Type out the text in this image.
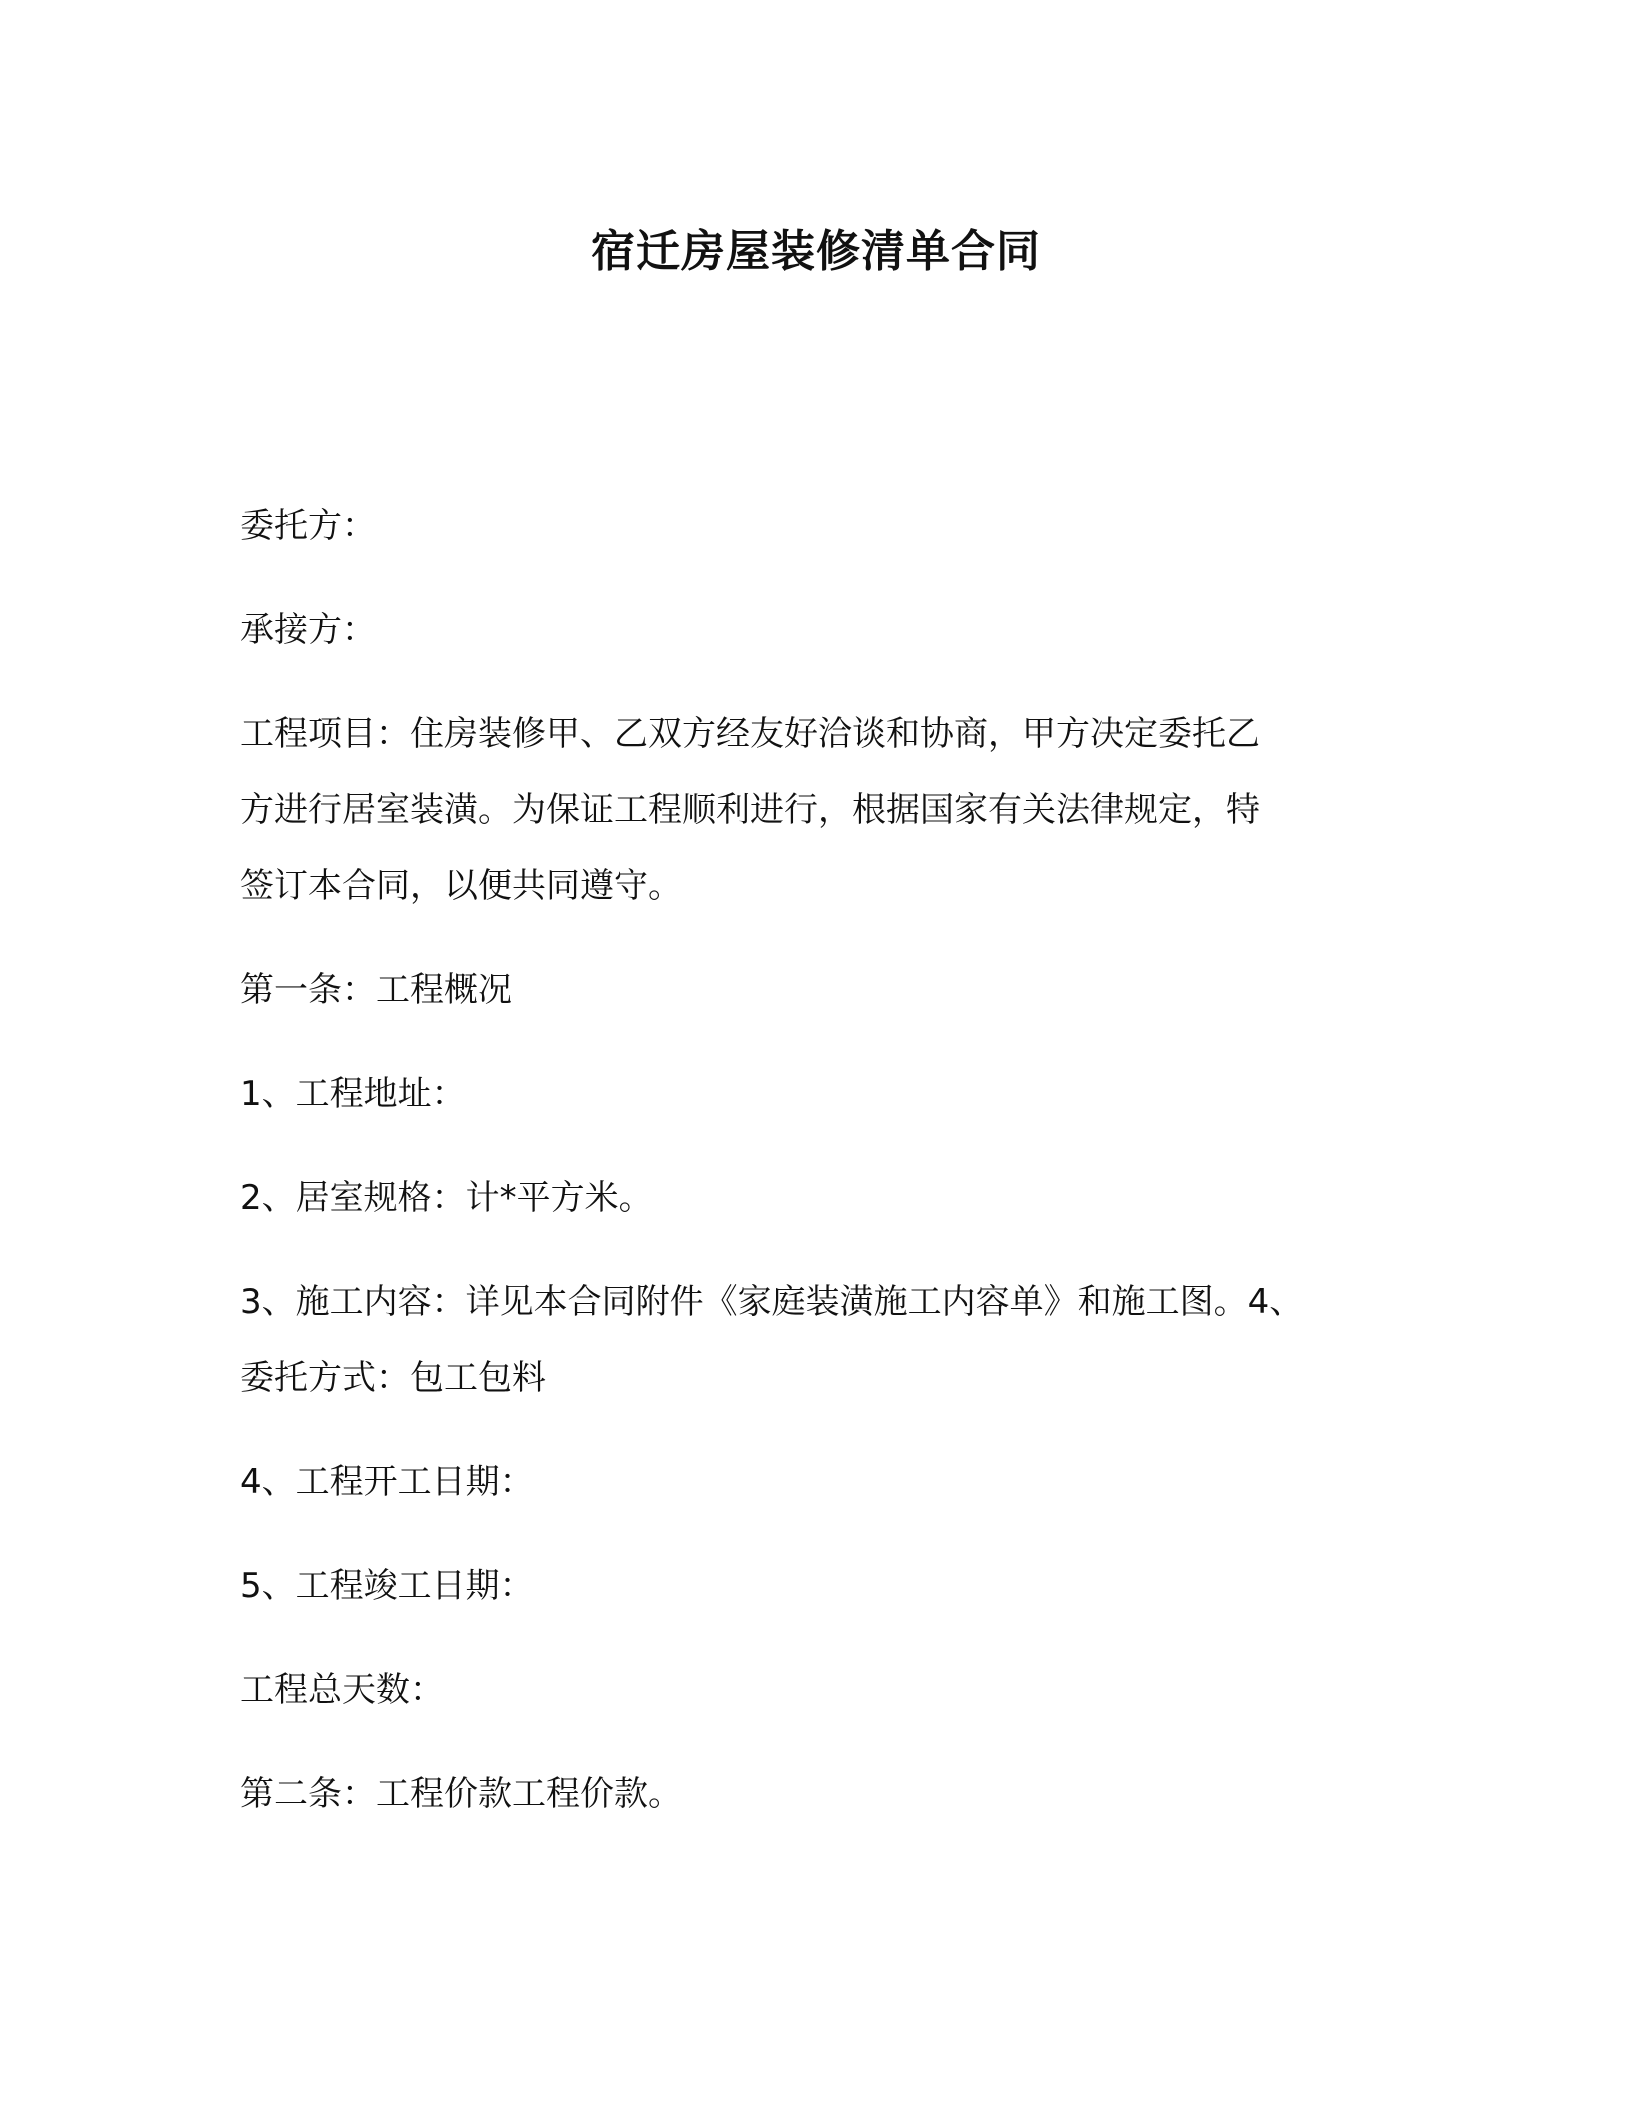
宿迁房屋装修清单合同
委托方：
承接方：
工程项目：住房装修甲、乙双方经友好洽谈和协商，甲方决定委托乙
方进行居室装潢。为保证工程顺利进行，根据国家有关法律规定，特
签订本合同，以便共同遵守。
第一条：工程概况
1、工程地址：
2、居室规格：计*平方米。
3、施工内容：详见本合同附件《家庭装潢施工内容单》和施工图。4、
委托方式：包工包料
4、工程开工日期：
5、工程竣工日期：
工程总天数：
第二条：工程价款工程价款。
